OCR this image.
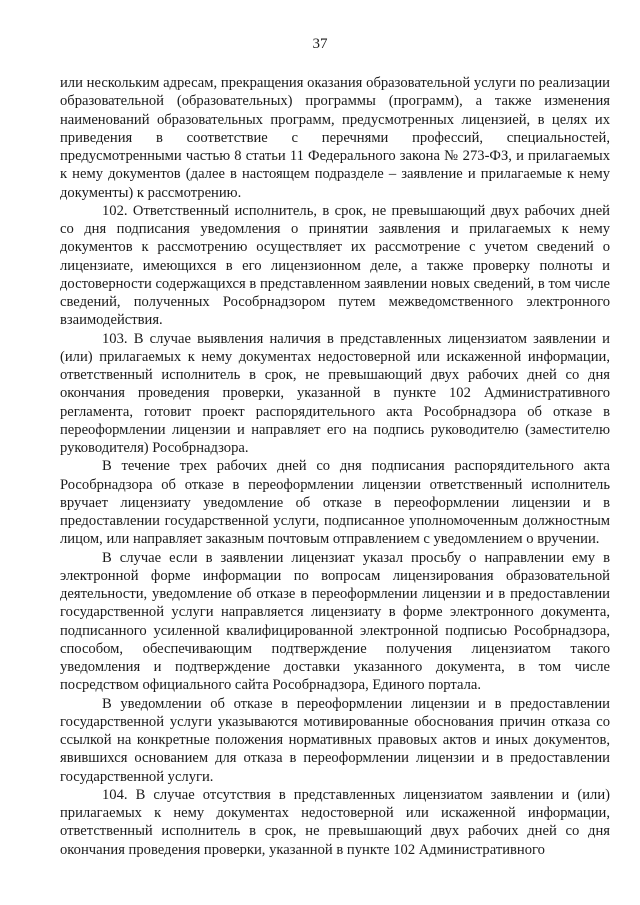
37

или нескольким адресам, прекращения оказания образовательной услуги по реализации образовательной (образовательных) программы (программ), а также изменения наименований образовательных программ, предусмотренных лицензией, в целях их приведения в соответствие с перечнями профессий, специальностей, предусмотренными частью 8 статьи 11 Федерального закона № 273-ФЗ, и прилагаемых к нему документов (далее в настоящем подразделе – заявление и прилагаемые к нему документы) к рассмотрению.

102. Ответственный исполнитель, в срок, не превышающий двух рабочих дней со дня подписания уведомления о принятии заявления и прилагаемых к нему документов к рассмотрению осуществляет их рассмотрение с учетом сведений о лицензиате, имеющихся в его лицензионном деле, а также проверку полноты и достоверности содержащихся в представленном заявлении новых сведений, в том числе сведений, полученных Рособрнадзором путем межведомственного электронного взаимодействия.

103. В случае выявления наличия в представленных лицензиатом заявлении и (или) прилагаемых к нему документах недостоверной или искаженной информации, ответственный исполнитель в срок, не превышающий двух рабочих дней со дня окончания проведения проверки, указанной в пункте 102 Административного регламента, готовит проект распорядительного акта Рособрнадзора об отказе в переоформлении лицензии и направляет его на подпись руководителю (заместителю руководителя) Рособрнадзора.

В течение трех рабочих дней со дня подписания распорядительного акта Рособрнадзора об отказе в переоформлении лицензии ответственный исполнитель вручает лицензиату уведомление об отказе в переоформлении лицензии и в предоставлении государственной услуги, подписанное уполномоченным должностным лицом, или направляет заказным почтовым отправлением с уведомлением о вручении.

В случае если в заявлении лицензиат указал просьбу о направлении ему в электронной форме информации по вопросам лицензирования образовательной деятельности, уведомление об отказе в переоформлении лицензии и в предоставлении государственной услуги направляется лицензиату в форме электронного документа, подписанного усиленной квалифицированной электронной подписью Рособрнадзора, способом, обеспечивающим подтверждение получения лицензиатом такого уведомления и подтверждение доставки указанного документа, в том числе посредством официального сайта Рособрнадзора, Единого портала.

В уведомлении об отказе в переоформлении лицензии и в предоставлении государственной услуги указываются мотивированные обоснования причин отказа со ссылкой на конкретные положения нормативных правовых актов и иных документов, явившихся основанием для отказа в переоформлении лицензии и в предоставлении государственной услуги.

104. В случае отсутствия в представленных лицензиатом заявлении и (или) прилагаемых к нему документах недостоверной или искаженной информации, ответственный исполнитель в срок, не превышающий двух рабочих дней со дня окончания проведения проверки, указанной в пункте 102 Административного
